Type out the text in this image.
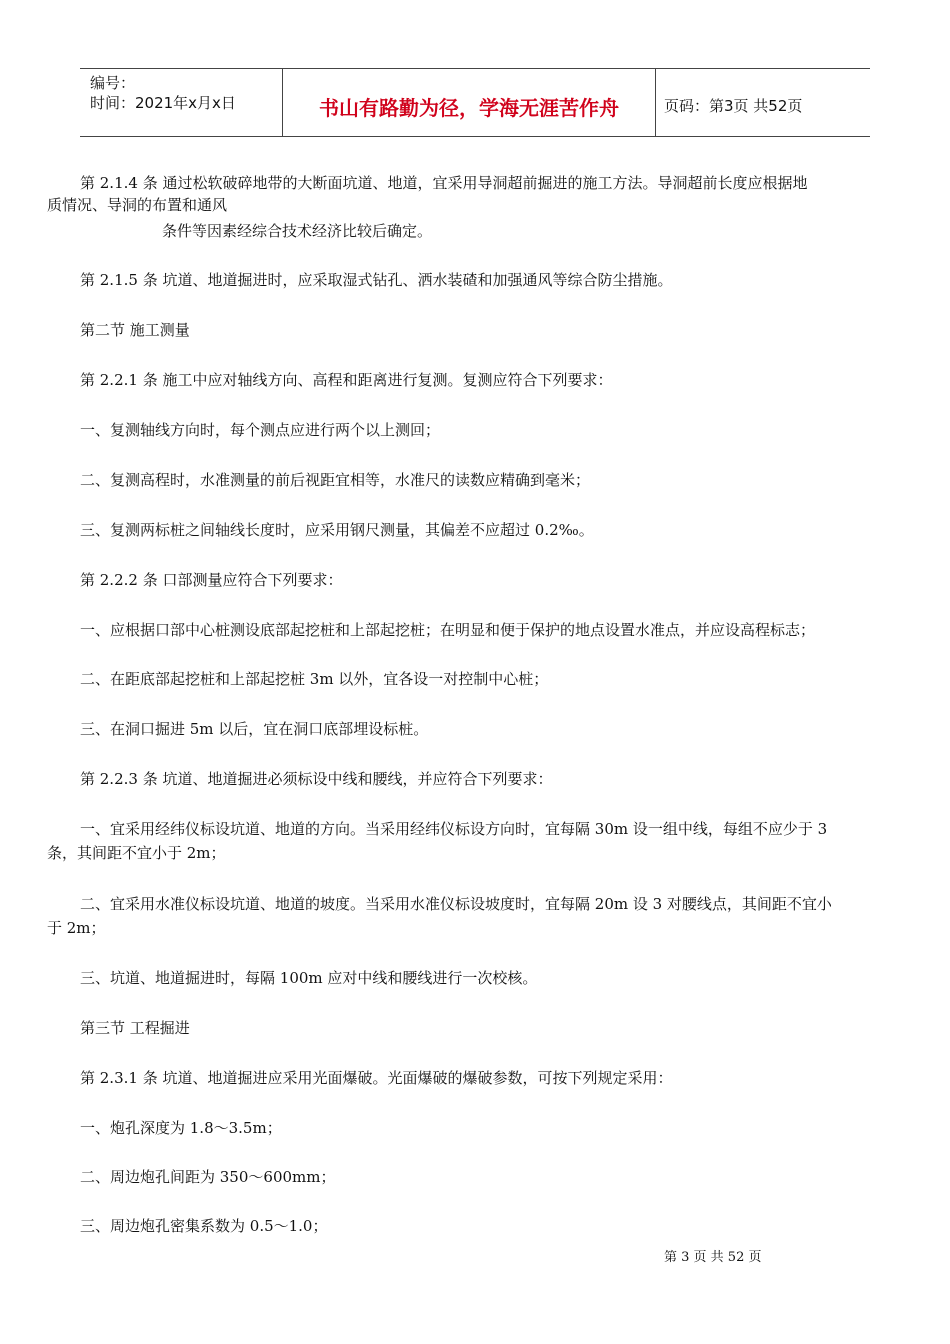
编号：
时间：2021年x月x日	书山有路勤为径，学海无涯苦作舟	页码：第3页 共52页
第 2.1.4 条 通过松软破碎地带的大断面坑道、地道，宜采用导洞超前掘进的施工方法。导洞超前长度应根据地
质情况、导洞的布置和通风
条件等因素经综合技术经济比较后确定。
第 2.1.5 条 坑道、地道掘进时，应采取湿式钻孔、洒水装碴和加强通风等综合防尘措施。
第二节 施工测量
第 2.2.1 条 施工中应对轴线方向、高程和距离进行复测。复测应符合下列要求：
一、复测轴线方向时，每个测点应进行两个以上测回；
二、复测高程时，水准测量的前后视距宜相等，水准尺的读数应精确到毫米；
三、复测两标桩之间轴线长度时，应采用钢尺测量，其偏差不应超过 0.2‰。
第 2.2.2 条 口部测量应符合下列要求：
一、应根据口部中心桩测设底部起挖桩和上部起挖桩；在明显和便于保护的地点设置水准点，并应设高程标志；
二、在距底部起挖桩和上部起挖桩 3m 以外，宜各设一对控制中心桩；
三、在洞口掘进 5m 以后，宜在洞口底部埋设标桩。
第 2.2.3 条 坑道、地道掘进必须标设中线和腰线，并应符合下列要求：
一、宜采用经纬仪标设坑道、地道的方向。当采用经纬仪标设方向时，宜每隔 30m 设一组中线，每组不应少于 3
条，其间距不宜小于 2m；
二、宜采用水准仪标设坑道、地道的坡度。当采用水准仪标设坡度时，宜每隔 20m 设 3 对腰线点，其间距不宜小
于 2m；
三、坑道、地道掘进时，每隔 100m 应对中线和腰线进行一次校核。
第三节 工程掘进
第 2.3.1 条 坑道、地道掘进应采用光面爆破。光面爆破的爆破参数，可按下列规定采用：
一、炮孔深度为 1.8～3.5m；
二、周边炮孔间距为 350～600mm；
三、周边炮孔密集系数为 0.5～1.0；
第 3 页 共 52 页
